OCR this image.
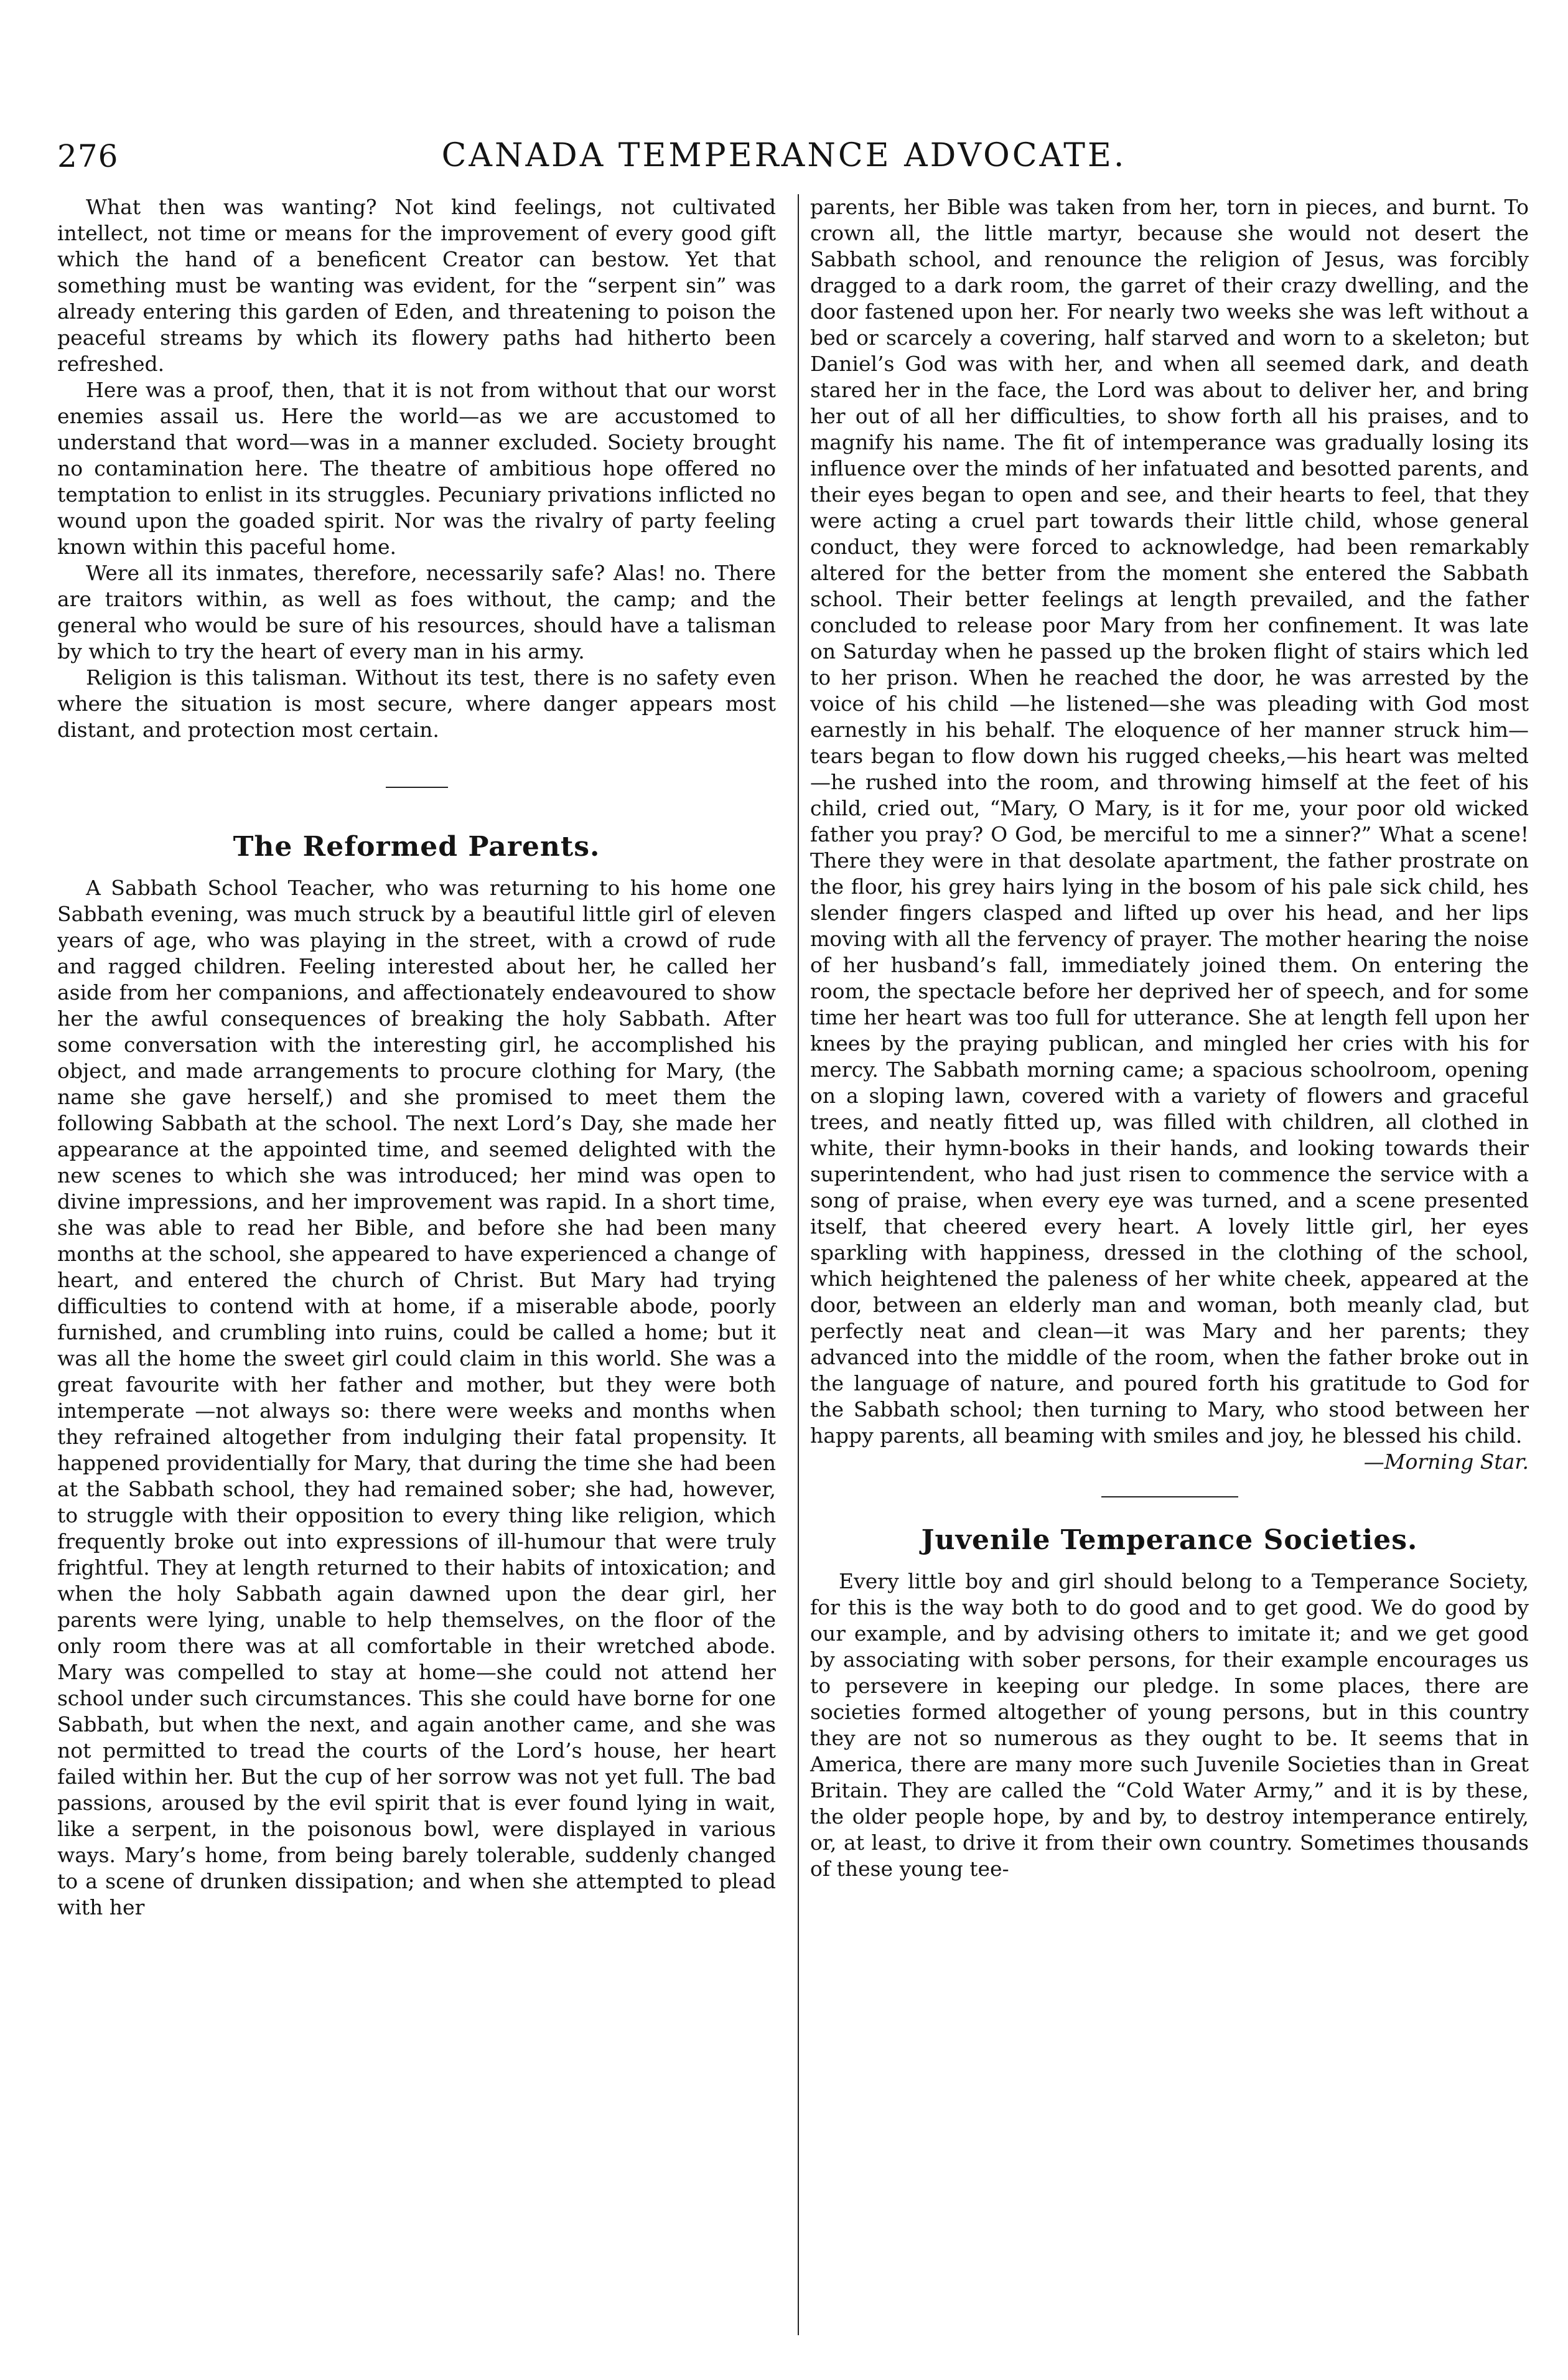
276	CANADA TEMPERANCE ADVOCATE.

What then was wanting? Not kind feelings, not cultivated intellect, not time or means for the improvement of every good gift which the hand of a beneficent Creator can bestow. Yet that something must be wanting was evident, for the “serpent sin” was already entering this garden of Eden, and threatening to poison the peaceful streams by which its flowery paths had hitherto been refreshed.

Here was a proof, then, that it is not from without that our worst enemies assail us. Here the world—as we are accustomed to understand that word—was in a manner excluded. Society brought no contamination here. The theatre of ambitious hope offered no temptation to enlist in its struggles. Pecuniary privations inflicted no wound upon the goaded spirit. Nor was the rivalry of party feeling known within this paceful home.

Were all its inmates, therefore, necessarily safe? Alas! no. There are traitors within, as well as foes without, the camp; and the general who would be sure of his resources, should have a talisman by which to try the heart of every man in his army.

Religion is this talisman. Without its test, there is no safety even where the situation is most secure, where danger appears most distant, and protection most certain.

The Reformed Parents.

A Sabbath School Teacher, who was returning to his home one Sabbath evening, was much struck by a beautiful little girl of eleven years of age, who was playing in the street, with a crowd of rude and ragged children. Feeling interested about her, he called her aside from her companions, and affectionately endeavoured to show her the awful consequences of breaking the holy Sabbath. After some conversation with the interesting girl, he accomplished his object, and made arrangements to procure clothing for Mary, (the name she gave herself,) and she promised to meet them the following Sabbath at the school. The next Lord’s Day, she made her appearance at the appointed time, and seemed delighted with the new scenes to which she was introduced; her mind was open to divine impressions, and her improvement was rapid. In a short time, she was able to read her Bible, and before she had been many months at the school, she appeared to have experienced a change of heart, and entered the church of Christ. But Mary had trying difficulties to contend with at home, if a miserable abode, poorly furnished, and crumbling into ruins, could be called a home; but it was all the home the sweet girl could claim in this world. She was a great favourite with her father and mother, but they were both intemperate —not always so: there were weeks and months when they refrained altogether from indulging their fatal propensity. It happened providentially for Mary, that during the time she had been at the Sabbath school, they had remained sober; she had, however, to struggle with their opposition to every thing like religion, which frequently broke out into expressions of ill-humour that were truly frightful. They at length returned to their habits of intoxication; and when the holy Sabbath again dawned upon the dear girl, her parents were lying, unable to help themselves, on the floor of the only room there was at all comfortable in their wretched abode. Mary was compelled to stay at home—she could not attend her school under such circumstances. This she could have borne for one Sabbath, but when the next, and again another came, and she was not permitted to tread the courts of the Lord’s house, her heart failed within her. But the cup of her sorrow was not yet full. The bad passions, aroused by the evil spirit that is ever found lying in wait, like a serpent, in the poisonous bowl, were displayed in various ways. Mary’s home, from being barely tolerable, suddenly changed to a scene of drunken dissipation; and when she attempted to plead with her

parents, her Bible was taken from her, torn in pieces, and burnt. To crown all, the little martyr, because she would not desert the Sabbath school, and renounce the religion of Jesus, was forcibly dragged to a dark room, the garret of their crazy dwelling, and the door fastened upon her. For nearly two weeks she was left without a bed or scarcely a covering, half starved and worn to a skeleton; but Daniel’s God was with her, and when all seemed dark, and death stared her in the face, the Lord was about to deliver her, and bring her out of all her difficulties, to show forth all his praises, and to magnify his name. The fit of intemperance was gradually losing its influence over the minds of her infatuated and besotted parents, and their eyes began to open and see, and their hearts to feel, that they were acting a cruel part towards their little child, whose general conduct, they were forced to acknowledge, had been remarkably altered for the better from the moment she entered the Sabbath school. Their better feelings at length prevailed, and the father concluded to release poor Mary from her confinement. It was late on Saturday when he passed up the broken flight of stairs which led to her prison. When he reached the door, he was arrested by the voice of his child —he listened—she was pleading with God most earnestly in his behalf. The eloquence of her manner struck him—tears began to flow down his rugged cheeks,—his heart was melted—he rushed into the room, and throwing himself at the feet of his child, cried out, “Mary, O Mary, is it for me, your poor old wicked father you pray? O God, be merciful to me a sinner?” What a scene! There they were in that desolate apartment, the father prostrate on the floor, his grey hairs lying in the bosom of his pale sick child, hes slender fingers clasped and lifted up over his head, and her lips moving with all the fervency of prayer. The mother hearing the noise of her husband’s fall, immediately joined them. On entering the room, the spectacle before her deprived her of speech, and for some time her heart was too full for utterance. She at length fell upon her knees by the praying publican, and mingled her cries with his for mercy. The Sabbath morning came; a spacious schoolroom, opening on a sloping lawn, covered with a variety of flowers and graceful trees, and neatly fitted up, was filled with children, all clothed in white, their hymn-books in their hands, and looking towards their superintendent, who had just risen to commence the service with a song of praise, when every eye was turned, and a scene presented itself, that cheered every heart. A lovely little girl, her eyes sparkling with happiness, dressed in the clothing of the school, which heightened the paleness of her white cheek, appeared at the door, between an elderly man and woman, both meanly clad, but perfectly neat and clean—it was Mary and her parents; they advanced into the middle of the room, when the father broke out in the language of nature, and poured forth his gratitude to God for the Sabbath school; then turning to Mary, who stood between her happy parents, all beaming with smiles and joy, he blessed his child.

—Morning Star.

Juvenile Temperance Societies.

Every little boy and girl should belong to a Temperance Society, for this is the way both to do good and to get good. We do good by our example, and by advising others to imitate it; and we get good by associating with sober persons, for their example encourages us to persevere in keeping our pledge. In some places, there are societies formed altogether of young persons, but in this country they are not so numerous as they ought to be. It seems that in America, there are many more such Juvenile Societies than in Great Britain. They are called the “Cold Water Army,” and it is by these, the older people hope, by and by, to destroy intemperance entirely, or, at least, to drive it from their own country. Sometimes thousands of these young tee-
